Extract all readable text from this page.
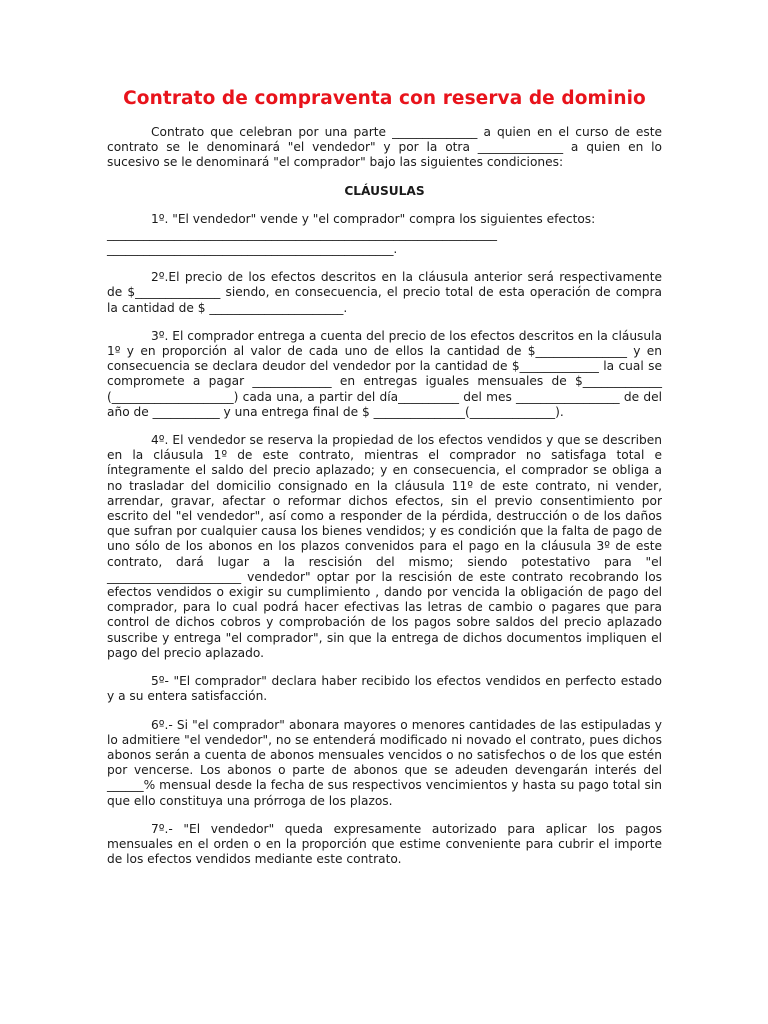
Contrato de compraventa con reserva de dominio

Contrato que celebran por una parte ______________ a quien en el curso de este contrato se le denominará "el vendedor" y por la otra ______________ a quien en lo sucesivo se le denominará "el comprador" bajo las siguientes condiciones:

CLÁUSULAS
1º. "El vendedor" vende y "el comprador" compra los siguientes efectos:
________________________________________________________________
_______________________________________________.

2º.El precio de los efectos descritos en la cláusula anterior será respectivamente de $______________ siendo, en consecuencia, el precio total de esta operación de compra la cantidad de $ ______________________.

3º. El comprador entrega a cuenta del precio de los efectos descritos en la cláusula 1º y en proporción al valor de cada uno de ellos la cantidad de $_______________ y en consecuencia se declara deudor del vendedor por la cantidad de $_____________ la cual se compromete a pagar _____________ en entregas iguales mensuales de $_____________ (____________________) cada una, a partir del día__________ del mes _________________ de del año de ___________ y una entrega final de $ _______________(______________).

4º. El vendedor se reserva la propiedad de los efectos vendidos y que se describen en la cláusula 1º de este contrato, mientras el comprador no satisfaga total e íntegramente el saldo del precio aplazado; y en consecuencia, el comprador se obliga a no trasladar del domicilio consignado en la cláusula 11º de este contrato, ni vender, arrendar, gravar, afectar o reformar dichos efectos, sin el previo consentimiento por escrito del "el vendedor", así como a responder de la pérdida, destrucción o de los daños que sufran por cualquier causa los bienes vendidos; y es condición que la falta de pago de uno sólo de los abonos en los plazos convenidos para el pago en la cláusula 3º de este contrato, dará lugar a la rescisión del mismo; siendo potestativo para "el ______________________ vendedor" optar por la rescisión de este contrato recobrando los efectos vendidos o exigir su cumplimiento , dando por vencida la obligación de pago del comprador, para lo cual podrá hacer efectivas las letras de cambio o pagares que para control de dichos cobros y comprobación de los pagos sobre saldos del precio aplazado suscribe y entrega "el comprador", sin que la entrega de dichos documentos impliquen el pago del precio aplazado.

5º- "El comprador" declara haber recibido los efectos vendidos en perfecto estado y a su entera satisfacción.

6º.- Si "el comprador" abonara mayores o menores cantidades de las estipuladas y lo admitiere "el vendedor", no se entenderá modificado ni novado el contrato, pues dichos abonos serán a cuenta de abonos mensuales vencidos o no satisfechos o de los que estén por vencerse. Los abonos o parte de abonos que se adeuden devengarán interés del ______% mensual desde la fecha de sus respectivos vencimientos y hasta su pago total sin que ello constituya una prórroga de los plazos.

7º.- "El vendedor" queda expresamente autorizado para aplicar los pagos mensuales en el orden o en la proporción que estime conveniente para cubrir el importe de los efectos vendidos mediante este contrato.
